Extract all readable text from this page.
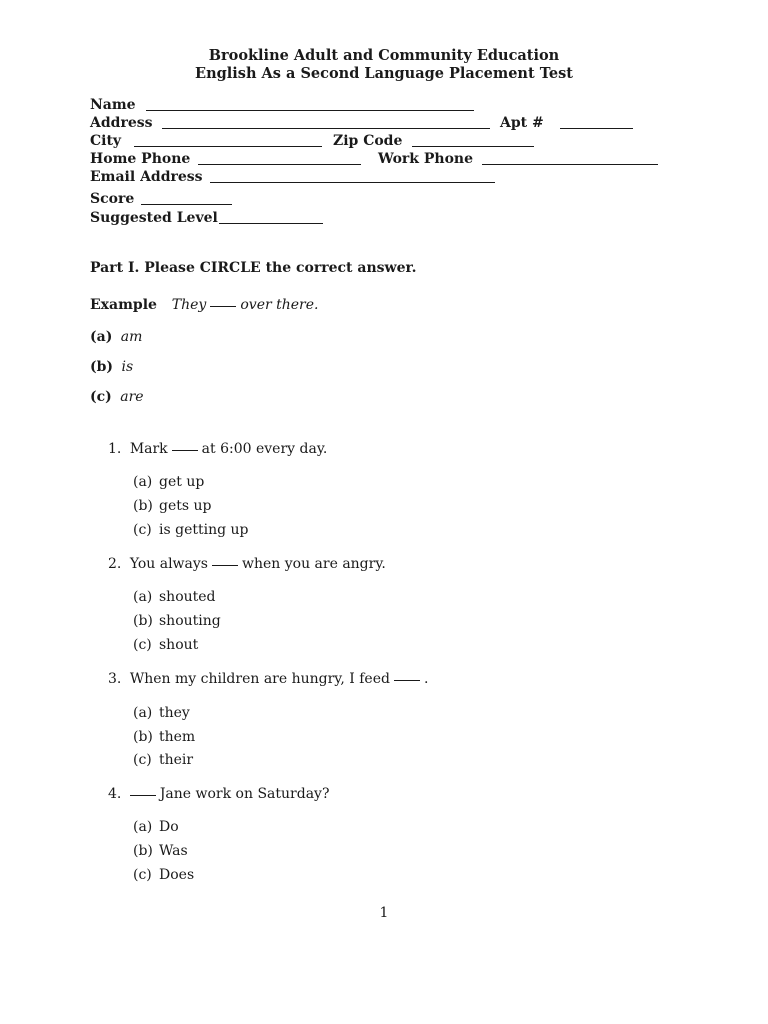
Brookline Adult and Community Education
English As a Second Language Placement Test
Name
Address	Apt #
City	Zip Code
Home Phone	Work Phone
Email Address
Score
Suggested Level
Part I. Please CIRCLE the correct answer.
Example They over there.
(a) am
(b) is
(c) are
1. Mark at 6:00 every day.
(a) get up
(b) gets up
(c) is getting up
2. You always when you are angry.
(a) shouted
(b) shouting
(c) shout
3. When my children are hungry, I feed .
(a) they
(b) them
(c) their
4.	Jane work on Saturday?
(a) Do
(b) Was
(c) Does
1
